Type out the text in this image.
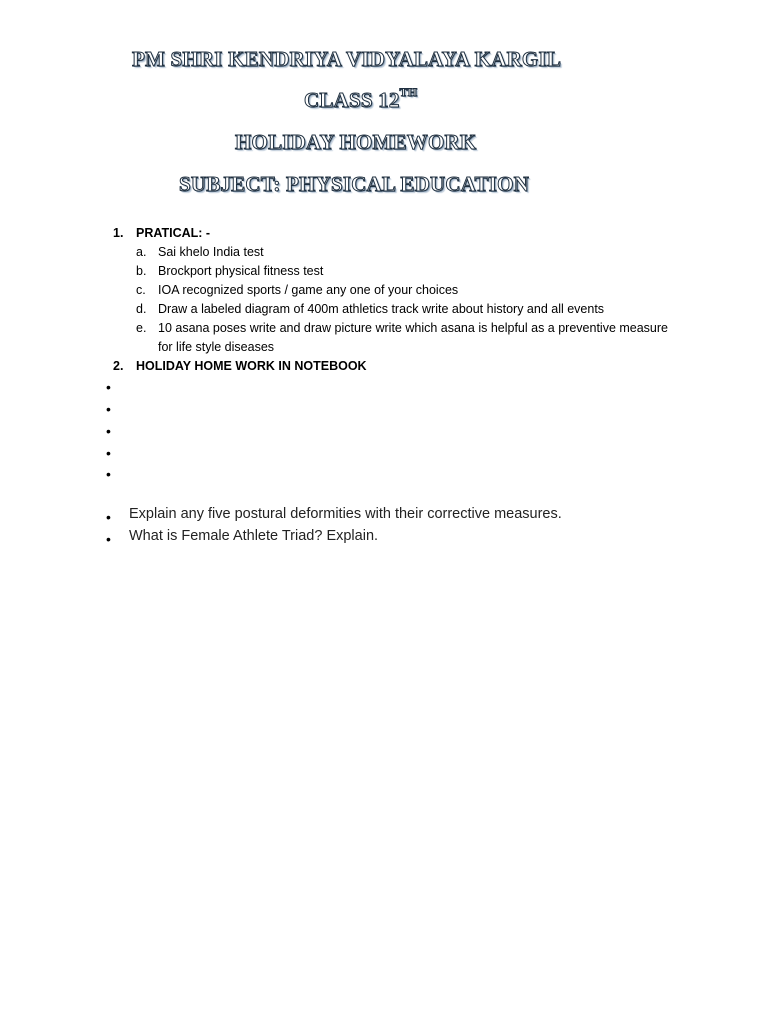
PM SHRI KENDRIYA VIDYALAYA KARGIL
CLASS 12TH
HOLIDAY HOMEWORK
SUBJECT: PHYSICAL EDUCATION
1. PRATICAL: -
a. Sai khelo India test
b. Brockport physical fitness test
c. IOA recognized sports / game any one of your choices
d. Draw a labeled diagram of 400m athletics track write about history and all events
e. 10 asana poses write and draw picture write which asana is helpful as a preventive measure
for life style diseases
2. HOLIDAY HOME WORK IN NOTEBOOK
•
•
•
•
•
• Explain any five postural deformities with their corrective measures.
• What is Female Athlete Triad? Explain.
